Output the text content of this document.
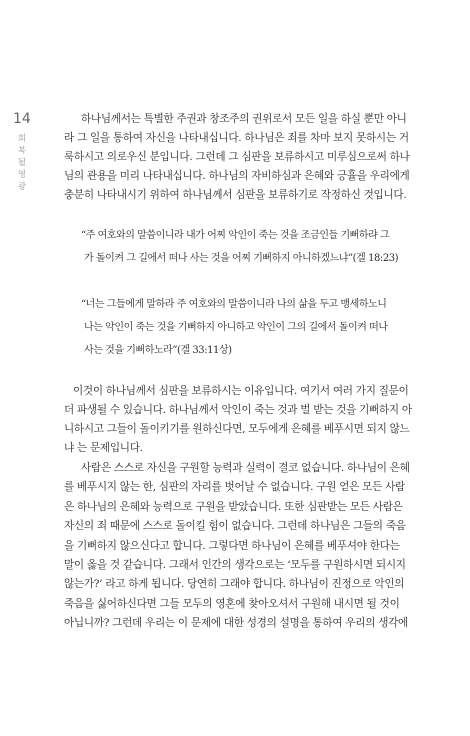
14
회복될 영광
하나님께서는 특별한 주권과 창조주의 권위로서 모든 일을 하실 뿐만 아니
라 그 일을 통하여 자신을 나타내십니다. 하나님은 죄를 차마 보지 못하시는 거
룩하시고 의로우신 분입니다. 그런데 그 심판을 보류하시고 미루심으로써 하나
님의 관용을 미리 나타내십니다. 하나님의 자비하심과 은혜와 긍휼을 우리에게
충분히 나타내시기 위하여 하나님께서 심판을 보류하기로 작정하신 것입니다.
“주 여호와의 말씀이니라 내가 어찌 악인이 죽는 것을 조금인들 기뻐하랴 그
가 돌이켜 그 길에서 떠나 사는 것을 어찌 기뻐하지 아니하겠느냐”(겔 18:23)
“너는 그들에게 말하라 주 여호와의 말씀이니라 나의 삶을 두고 맹세하노니
나는 악인이 죽는 것을 기뻐하지 아니하고 악인이 그의 길에서 돌이켜 떠나
사는 것을 기뻐하노라”(겔 33:11상)
이것이 하나님께서 심판을 보류하시는 이유입니다. 여기서 여러 가지 질문이
더 파생될 수 있습니다. 하나님께서 악인이 죽는 것과 벌 받는 것을 기뻐하지 아
니하시고 그들이 돌이키기를 원하신다면, 모두에게 은혜를 베푸시면 되지 않느
냐 는 문제입니다.
사람은 스스로 자신을 구원할 능력과 실력이 결코 없습니다. 하나님이 은혜
를 베푸시지 않는 한, 심판의 자리를 벗어날 수 없습니다. 구원 얻은 모든 사람
은 하나님의 은혜와 능력으로 구원을 받았습니다. 또한 심판받는 모든 사람은
자신의 죄 때문에 스스로 돌이킬 힘이 없습니다. 그런데 하나님은 그들의 죽음
을 기뻐하지 않으신다고 합니다. 그렇다면 하나님이 은혜를 베푸셔야 한다는
말이 옳을 것 같습니다. 그래서 인간의 생각으로는 ‘모두를 구원하시면 되시지
않는가?’ 라고 하게 됩니다. 당연히 그래야 합니다. 하나님이 진정으로 악인의
죽음을 싫어하신다면 그들 모두의 영혼에 찾아오셔서 구원해 내시면 될 것이
아닙니까? 그런데 우리는 이 문제에 대한 성경의 설명을 통하여 우리의 생각에
